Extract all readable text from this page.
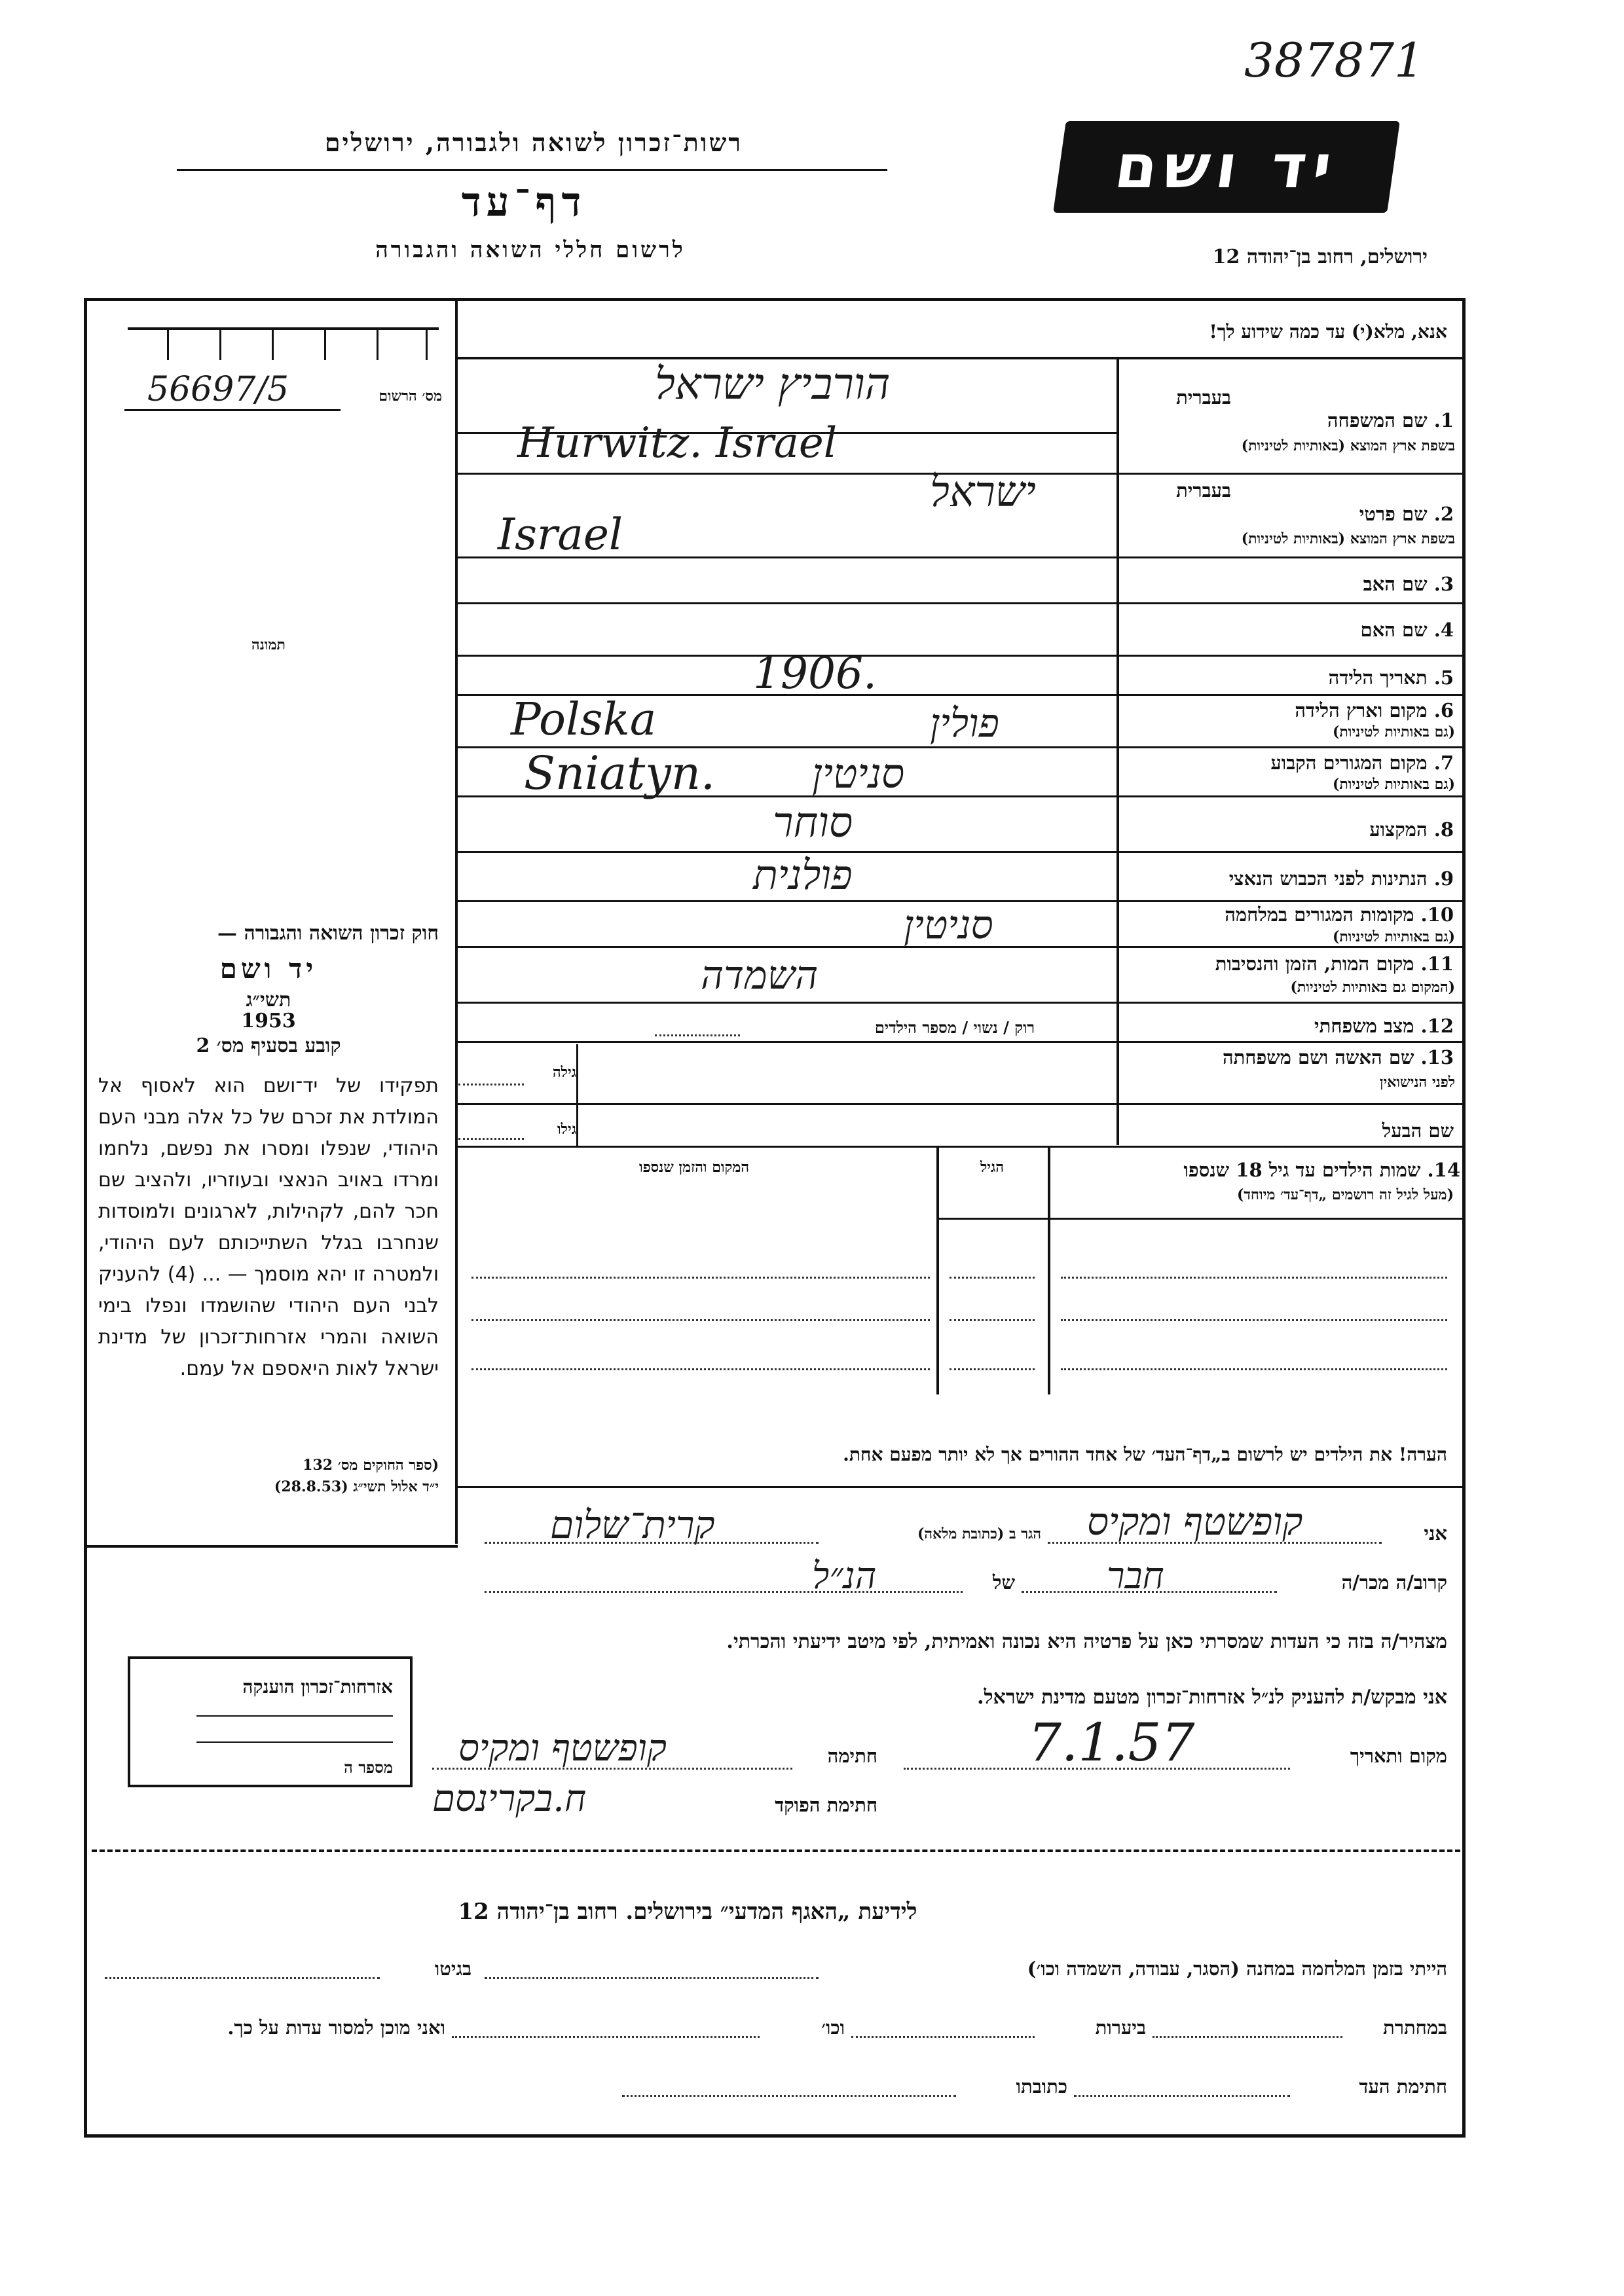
387871
רשות־זכרון לשואה ולגבורה, ירושלים
דף־עד
לרשום חללי השואה והגבורה
יד ושם
ירושלים, רחוב בן־יהודה 12
56697/5	מס׳ הרשום
תמונה
חוק זכרון השואה והגבורה —
יד ושם
תשי״ג
1953
קובע בסעיף מס׳ 2
תפקידו של יד־ושם הוא לאסוף אל המולדת את זכרם של כל אלה מבני העם היהודי, שנפלו ומסרו את נפשם, נלחמו ומרדו באויב הנאצי ובעוזריו, ולהציב שם חכר להם, לקהילות, לארגונים ולמוסדות שנחרבו בגלל השתייכותם לעם היהודי, ולמטרה זו יהא מוסמך — ... (4) להעניק לבני העם היהודי שהושמדו ונפלו בימי השואה והמרי אזרחות־זכרון של מדינת ישראל לאות היאספם אל עמם.
(ספר החוקים מס׳ 132
י״ד אלול תשי״ג (28.8.53)
אזרחות־זכרון הוענקה
מספר ה
אנא, מלא(י) עד כמה שידוע לך!
בעברית
1. שם המשפחה
בשפת ארץ המוצא (באותיות לטיניות)
בעברית
2. שם פרטי
בשפת ארץ המוצא (באותיות לטיניות)
3. שם האב
4. שם האם
5. תאריך הלידה
6. מקום וארץ הלידה
(גם באותיות לטיניות)
7. מקום המגורים הקבוע
(גם באותיות לטיניות)
8. המקצוע
9. הנתינות לפני הכבוש הנאצי
10. מקומות המגורים במלחמה
(גם באותיות לטיניות)
11. מקום המות, הזמן והנסיבות
(המקום גם באותיות לטיניות)
12. מצב משפחתי
13. שם האשה ושם משפחתה
לפני הנישואין
שם הבעל
הורביץ ישראל
Hurwitz. Israel
ישראל
Israel
1906.
Polska	פולין
Sniatyn. סניטין
סוחר
פולנית
סניטין
השמדה
רוק / נשוי / מספר הילדים
גילה
גילו
14. שמות הילדים עד גיל 18 שנספו
(מעל לגיל זה רושמים „דף־עד׳ מיוחד)
הגיל
המקום והזמן שנספו
הערה! את הילדים יש לרשום ב„דף־העד׳ של אחד ההורים אך לא יותר מפעם אחת.
אני
קופשטף ומקיס
הגר ב (כתובת מלאה)
קרית־שלום
קרוב/ה מכר/ה
חבר
של
הנ״ל
מצהיר/ה בזה כי העדות שמסרתי כאן על פרטיה היא נכונה ואמיתית, לפי מיטב ידיעתי והכרתי.
אני מבקש/ת להעניק לנ״ל אזרחות־זכרון מטעם מדינת ישראל.
מקום ותאריך
7.1.57
חתימה
קופשטף ומקיס
חתימת הפוקד
ח.בקרינסם
לידיעת „האגף המדעי״ בירושלים. רחוב בן־יהודה 12
הייתי בזמן המלחמה במחנה (הסגר, עבודה, השמדה וכו׳)
בגיטו
במחתרת
ביערות
וכו׳
ואני מוכן למסור עדות על כך.
חתימת העד
כתובתו
